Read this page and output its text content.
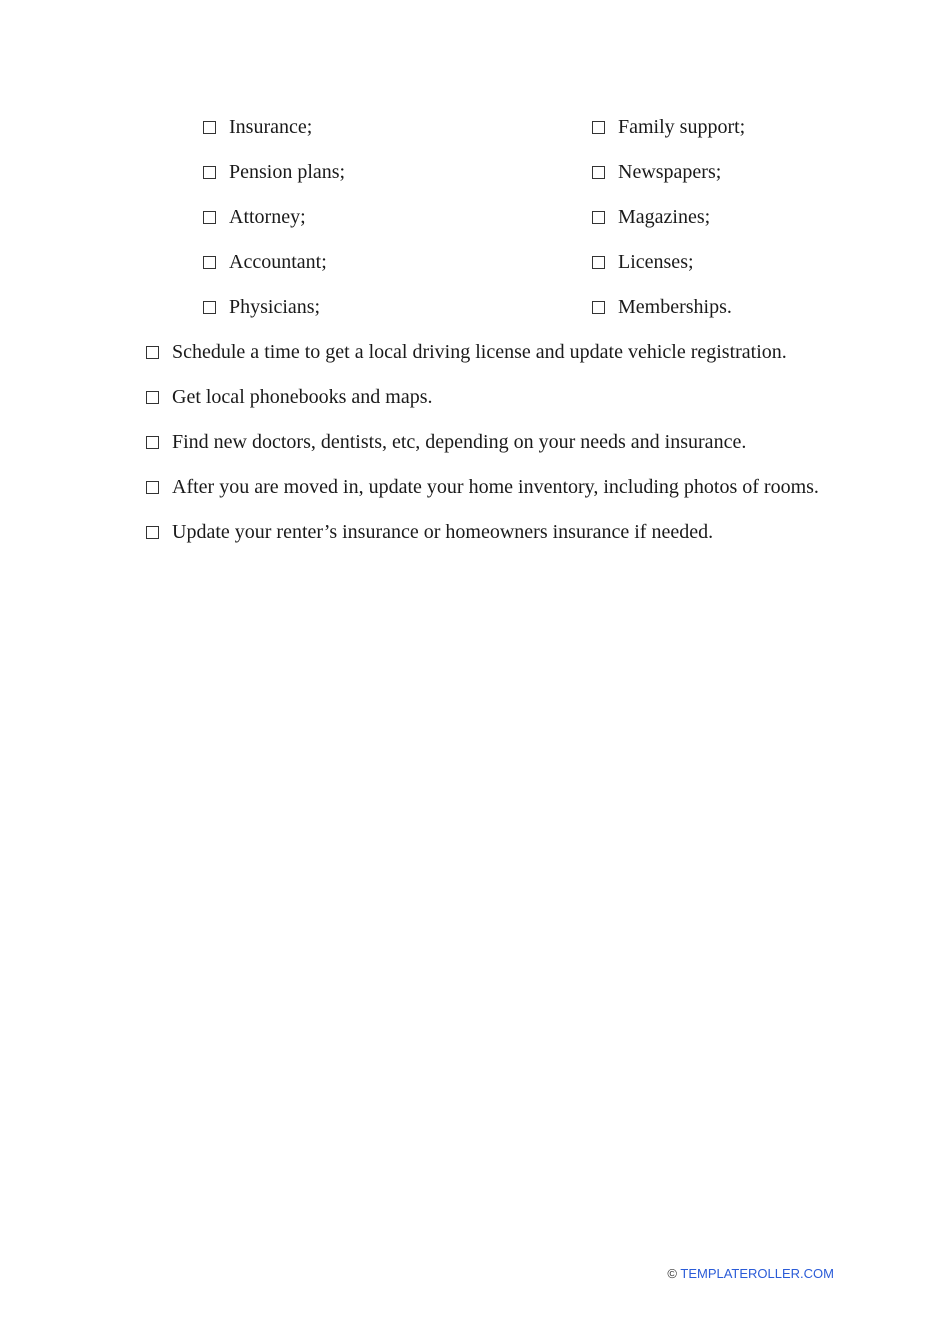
Insurance;
Pension plans;
Attorney;
Accountant;
Physicians;
Family support;
Newspapers;
Magazines;
Licenses;
Memberships.
Schedule a time to get a local driving license and update vehicle registration.
Get local phonebooks and maps.
Find new doctors, dentists, etc, depending on your needs and insurance.
After you are moved in, update your home inventory, including photos of rooms.
Update your renter’s insurance or homeowners insurance if needed.
© TEMPLATEROLLER.COM
